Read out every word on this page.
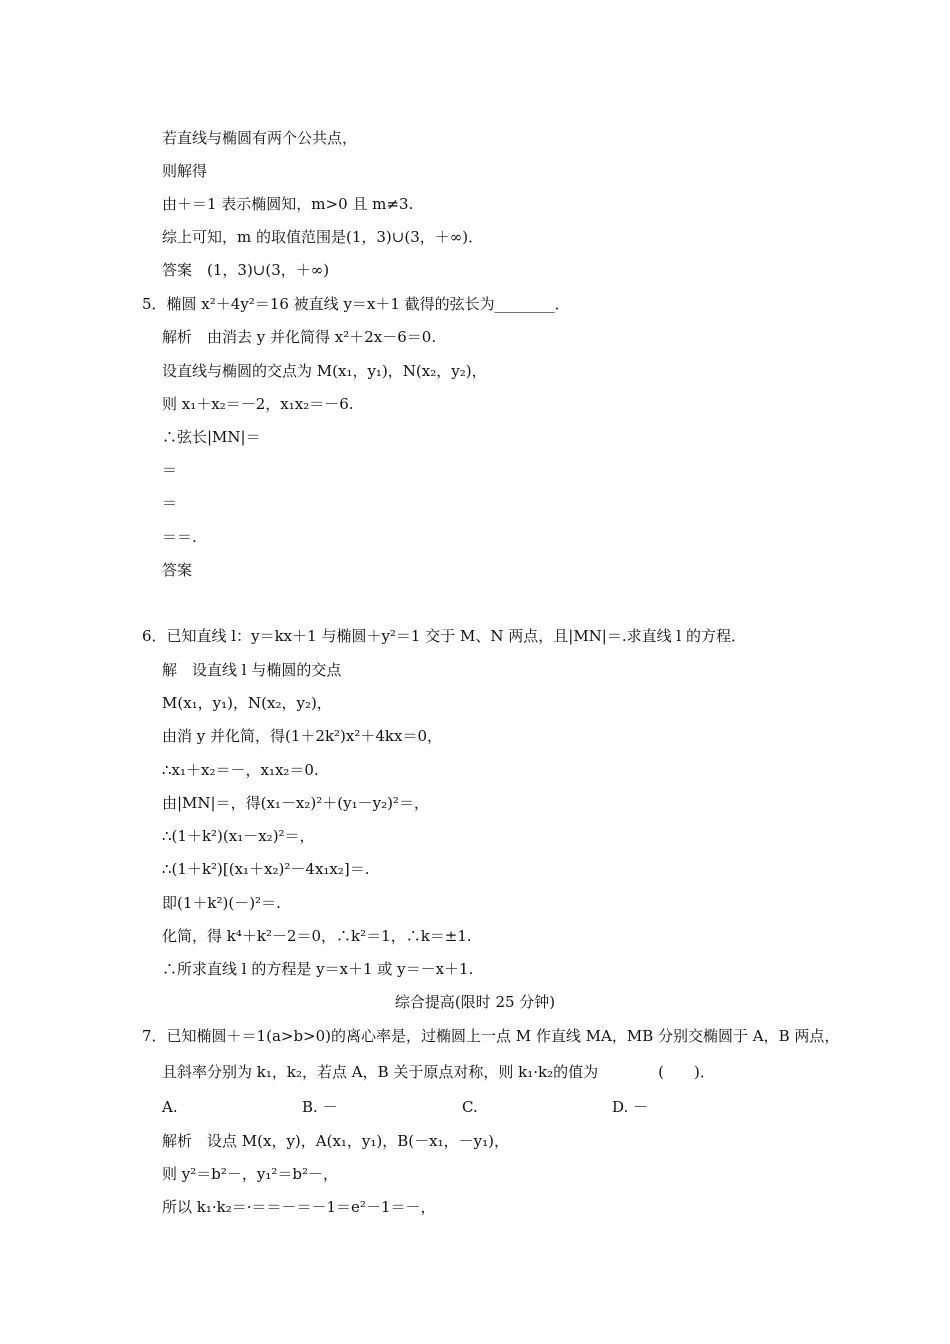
若直线与椭圆有两个公共点，
则解得
由＋＝1 表示椭圆知，m>0 且 m≠3.
综上可知，m 的取值范围是(1，3)∪(3，＋∞)．
答案　(1，3)∪(3，＋∞)
5．椭圆 x²＋4y²＝16 被直线 y＝x＋1 截得的弦长为________．
解析　由消去 y 并化简得 x²＋2x－6＝0.
设直线与椭圆的交点为 M(x₁，y₁)，N(x₂，y₂)，
则 x₁＋x₂＝－2，x₁x₂＝－6.
∴弦长|MN|＝
＝
＝
＝＝.
答案
6．已知直线 l：y＝kx＋1 与椭圆＋y²＝1 交于 M、N 两点，且|MN|＝.求直线 l 的方程．
解　设直线 l 与椭圆的交点
M(x₁，y₁)，N(x₂，y₂)，
由消 y 并化简，得(1＋2k²)x²＋4kx＝0，
∴x₁＋x₂＝－，x₁x₂＝0.
由|MN|＝，得(x₁－x₂)²＋(y₁－y₂)²＝，
∴(1＋k²)(x₁－x₂)²＝，
∴(1＋k²)[(x₁＋x₂)²－4x₁x₂]＝.
即(1＋k²)(－)²＝.
化简，得 k⁴＋k²－2＝0，∴k²＝1，∴k＝±1.
∴所求直线 l 的方程是 y＝x＋1 或 y＝－x＋1.
综合提高(限时 25 分钟)
7．已知椭圆＋＝1(a>b>0)的离心率是，过椭圆上一点 M 作直线 MA，MB 分别交椭圆于 A，B 两点，
且斜率分别为 k₁，k₂，若点 A，B 关于原点对称，则 k₁·k₂的值为　　　　(　　)．
A.	B. －	C.	D. －
解析　设点 M(x，y)，A(x₁，y₁)，B(－x₁，－y₁)，
则 y²＝b²－，y₁²＝b²－，
所以 k₁·k₂＝·＝＝－＝－1＝e²－1＝－，
